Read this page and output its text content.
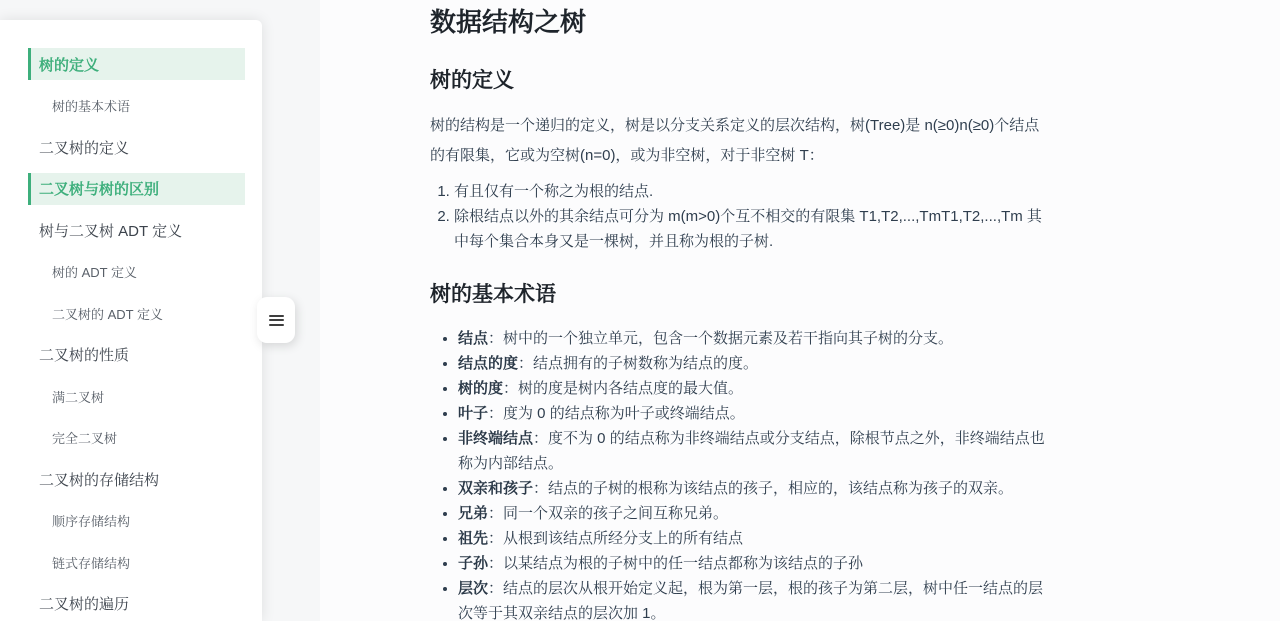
数据结构之树
树的定义

树的结构是一个递归的定义，树是以分支关系定义的层次结构，树(Tree)是 n(≥0)n(≥0)个结点的有限集，它或为空树(n=0)，或为非空树，对于非空树 T：

1. 有且仅有一个称之为根的结点.
2. 除根结点以外的其余结点可分为 m(m>0)个互不相交的有限集 T1,T2,...,TmT1,T2,...,Tm 其中每个集合本身又是一棵树，并且称为根的子树.
树的基本术语
• 结点：树中的一个独立单元，包含一个数据元素及若干指向其子树的分支。
• 结点的度：结点拥有的子树数称为结点的度。
• 树的度：树的度是树内各结点度的最大值。
• 叶子：度为 0 的结点称为叶子或终端结点。
• 非终端结点：度不为 0 的结点称为非终端结点或分支结点，除根节点之外，非终端结点也称为内部结点。
• 双亲和孩子：结点的子树的根称为该结点的孩子，相应的，该结点称为孩子的双亲。
• 兄弟：同一个双亲的孩子之间互称兄弟。
• 祖先：从根到该结点所经分支上的所有结点
• 子孙：以某结点为根的子树中的任一结点都称为该结点的子孙
• 层次：结点的层次从根开始定义起，根为第一层，根的孩子为第二层，树中任一结点的层次等于其双亲结点的层次加 1。
树的定义
树的基本术语
二叉树的定义
二叉树与树的区别
树与二叉树 ADT 定义
树的 ADT 定义
二叉树的 ADT 定义
二叉树的性质
满二叉树
完全二叉树
二叉树的存储结构
顺序存储结构
链式存储结构
二叉树的遍历
